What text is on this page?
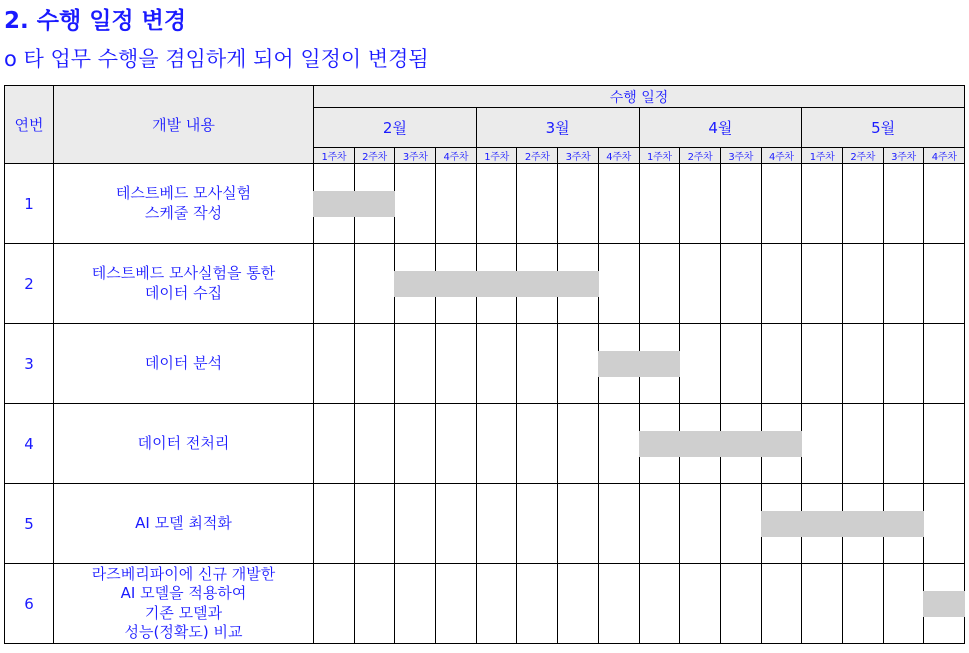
2. 수행 일정 변경
o 타 업무 수행을 겸임하게 되어 일정이 변경됨
연번	개발 내용	수행 일정															
		2월				3월				4월				5월			
		1주차	2주차	3주차	4주차	1주차	2주차	3주차	4주차	1주차	2주차	3주차	4주차	1주차	2주차	3주차	4주차
1	테스트베드 모사실험
스케줄 작성																

2	테스트베드 모사실험을 통한
데이터 수집																

3	데이터 분석																

4	데이터 전처리																

5	AI 모델 최적화																

6	라즈베리파이에 신규 개발한
AI 모델을 적용하여
기존 모델과
성능(정확도) 비교																
